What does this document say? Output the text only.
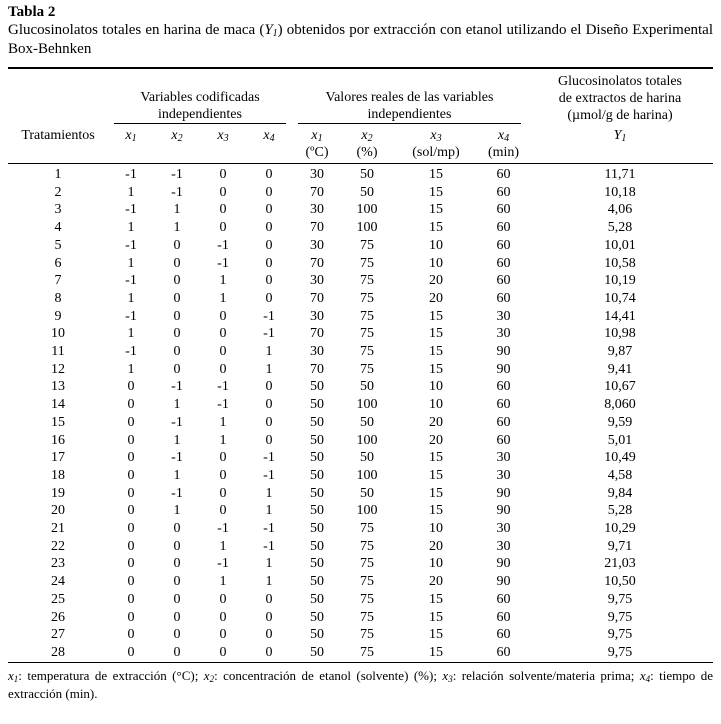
Tabla 2
Glucosinolatos totales en harina de maca $(Y_1)$ obtenidos por extracción con etanol utilizando el Diseño Experimental Box-Behnken

	Variables codificadas
independientes				Valores reales de las variables
independientes				Glucosinolatos totales
de extractos de harina
(µmol/g de harina)

Tratamientos	$x_1$	$x_2$	$x_3$	$x_4$	$x_1$	$x_2$	$x_3$	$x_4$	$Y_1$
					(ºC)	(%)	(sol/mp)	(min)	
1	-1	-1	0	0	30	50	15	60	11,71
2	1	-1	0	0	70	50	15	60	10,18
3	-1	1	0	0	30	100	15	60	4,06
4	1	1	0	0	70	100	15	60	5,28
5	-1	0	-1	0	30	75	10	60	10,01
6	1	0	-1	0	70	75	10	60	10,58
7	-1	0	1	0	30	75	20	60	10,19
8	1	0	1	0	70	75	20	60	10,74
9	-1	0	0	-1	30	75	15	30	14,41
10	1	0	0	-1	70	75	15	30	10,98
11	-1	0	0	1	30	75	15	90	9,87
12	1	0	0	1	70	75	15	90	9,41
13	0	-1	-1	0	50	50	10	60	10,67
14	0	1	-1	0	50	100	10	60	8,060
15	0	-1	1	0	50	50	20	60	9,59
16	0	1	1	0	50	100	20	60	5,01
17	0	-1	0	-1	50	50	15	30	10,49
18	0	1	0	-1	50	100	15	30	4,58
19	0	-1	0	1	50	50	15	90	9,84
20	0	1	0	1	50	100	15	90	5,28
21	0	0	-1	-1	50	75	10	30	10,29
22	0	0	1	-1	50	75	20	30	9,71
23	0	0	-1	1	50	75	10	90	21,03
24	0	0	1	1	50	75	20	90	10,50
25	0	0	0	0	50	75	15	60	9,75
26	0	0	0	0	50	75	15	60	9,75
27	0	0	0	0	50	75	15	60	9,75
28	0	0	0	0	50	75	15	60	9,75
$x_1$: temperatura de extracción (°C); $x_2$: concentración de etanol (solvente) (%); $x_3$: relación solvente/materia prima; $x_4$: tiempo de extracción (min).
